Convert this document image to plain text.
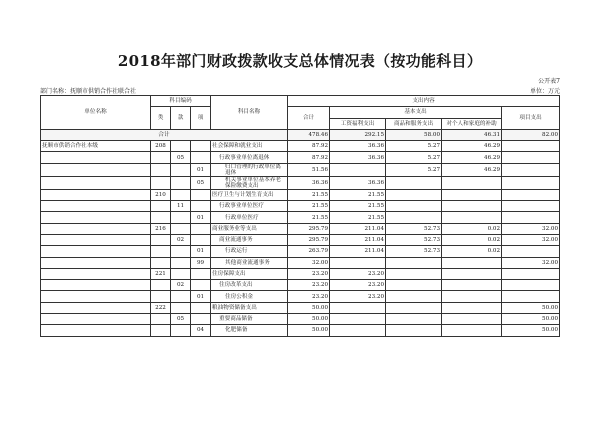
2018年部门财政拨款收支总体情况表（按功能科目）
公开表7
部门名称：抚顺市供销合作社联合社	单位：万元
单位名称	科目编码			科目名称	支出内容				
	类	款	项		合计	基本支出			项目支出
						工资福利支出	商品和服务支出	对个人和家庭的补助	
合计					478.46	292.15	58.00	46.31	82.00
抚顺市供销合作社本级	208			社会保障和就业支出	87.92	36.36	5.27	46.29	
		05		行政事业单位离退休	87.92	36.36	5.27	46.29	
			01	归口管理的行政单位离退休	51.56		5.27	46.29	
			05	机关事业单位基本养老保险缴费支出	36.36	36.36			
	210			医疗卫生与计划生育支出	21.55	21.55			
		11		行政事业单位医疗	21.55	21.55			
			01	行政单位医疗	21.55	21.55			
	216			商业服务业等支出	295.79	211.04	52.73	0.02	32.00
		02		商业流通事务	295.79	211.04	52.73	0.02	32.00
			01	行政运行	263.79	211.04	52.73	0.02	
			99	其他商业流通事务	32.00				32.00
	221			住房保障支出	23.20	23.20			
		02		住房改革支出	23.20	23.20			
			01	住房公积金	23.20	23.20			
	222			粮油物资储备支出	50.00				50.00
		05		重要商品储备	50.00				50.00
			04	化肥储备	50.00				50.00
